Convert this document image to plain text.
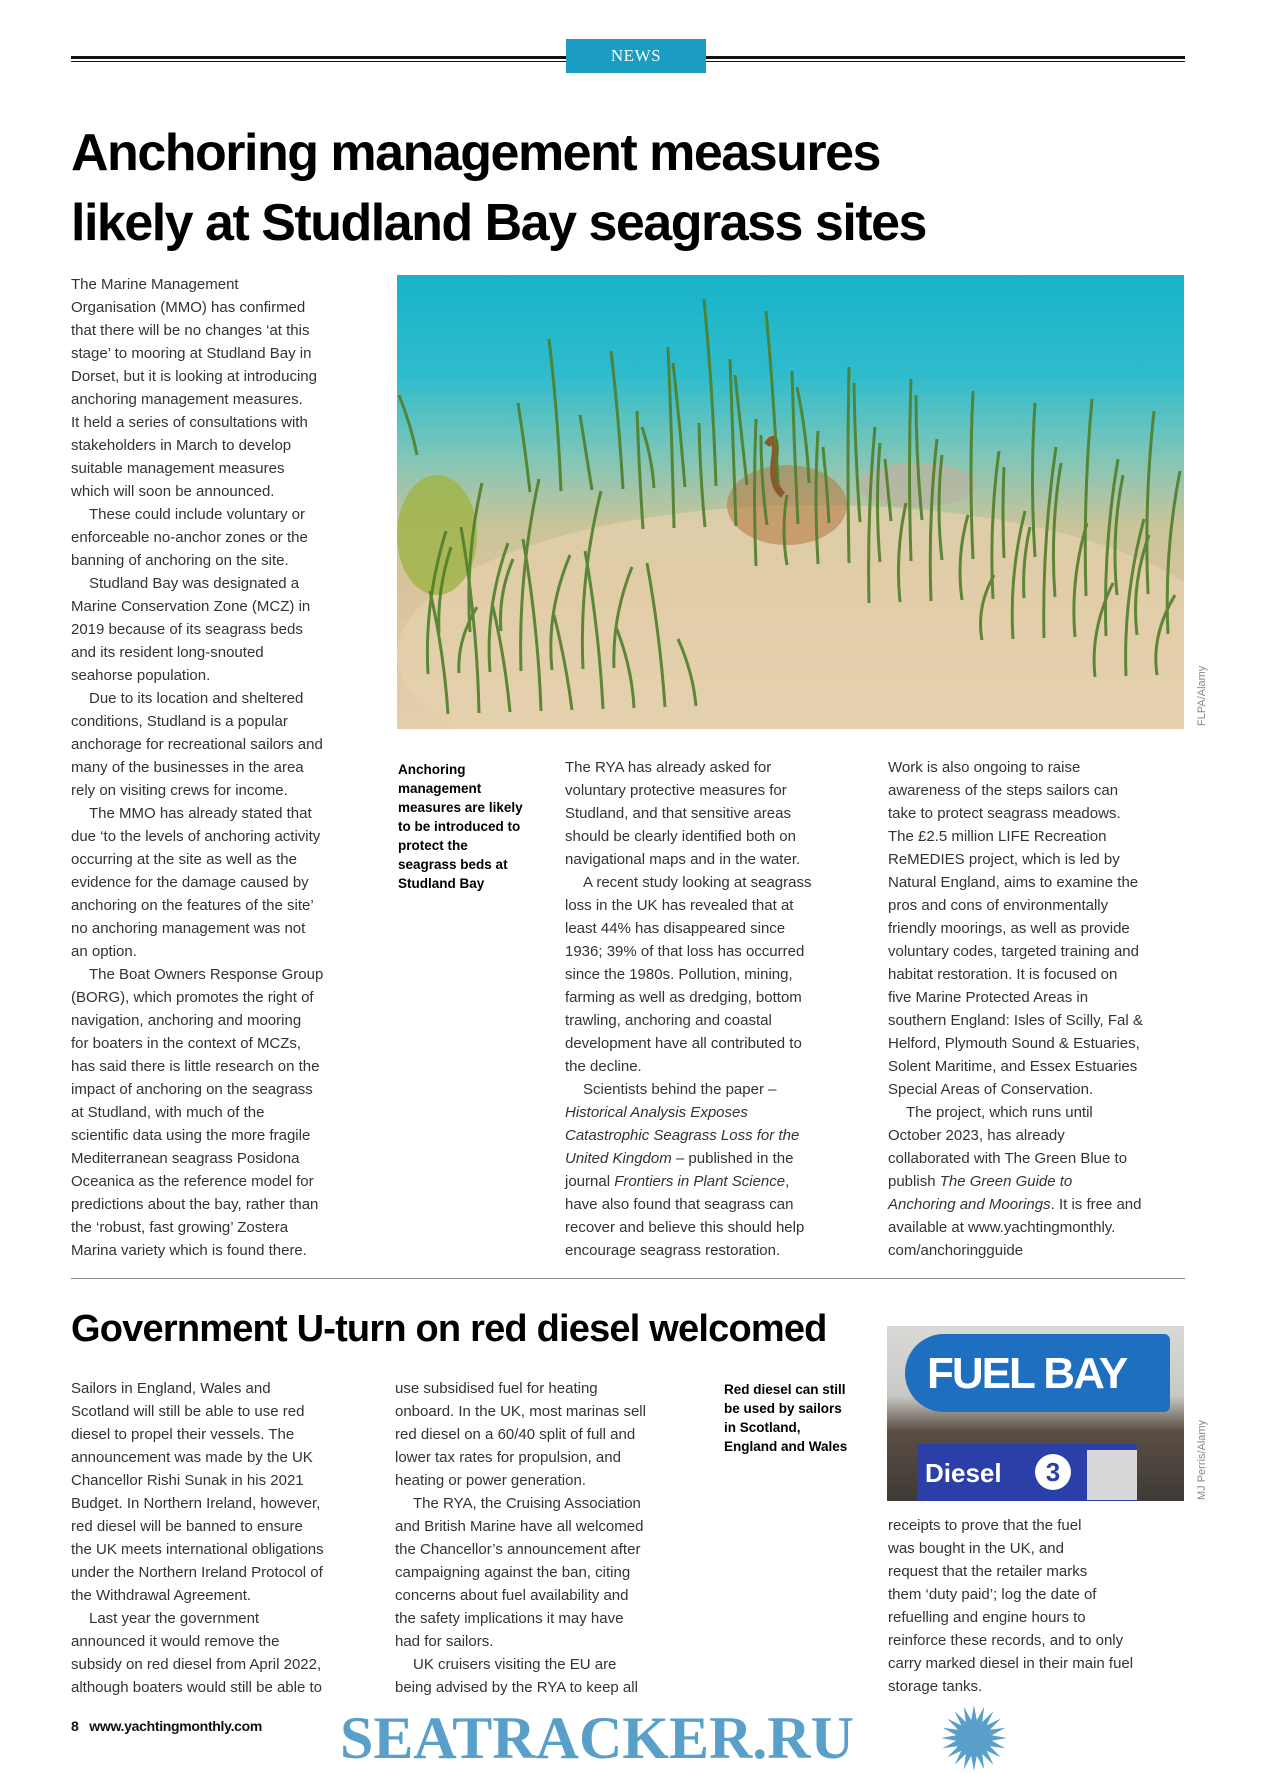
NEWS
Anchoring management measures
likely at Studland Bay seagrass sites
FLPA/Alamy
Anchoring
management
measures are likely
to be introduced to
protect the
seagrass beds at
Studland Bay
The Marine Management
Organisation (MMO) has confirmed
that there will be no changes ‘at this
stage’ to mooring at Studland Bay in
Dorset, but it is looking at introducing
anchoring management measures.
It held a series of consultations with
stakeholders in March to develop
suitable management measures
which will soon be announced.
These could include voluntary or
enforceable no-anchor zones or the
banning of anchoring on the site.
Studland Bay was designated a
Marine Conservation Zone (MCZ) in
2019 because of its seagrass beds
and its resident long-snouted
seahorse population.
Due to its location and sheltered
conditions, Studland is a popular
anchorage for recreational sailors and
many of the businesses in the area
rely on visiting crews for income.
The MMO has already stated that
due ‘to the levels of anchoring activity
occurring at the site as well as the
evidence for the damage caused by
anchoring on the features of the site’
no anchoring management was not
an option.
The Boat Owners Response Group
(BORG), which promotes the right of
navigation, anchoring and mooring
for boaters in the context of MCZs,
has said there is little research on the
impact of anchoring on the seagrass
at Studland, with much of the
scientific data using the more fragile
Mediterranean seagrass Posidona
Oceanica as the reference model for
predictions about the bay, rather than
the ‘robust, fast growing’ Zostera
Marina variety which is found there.
The RYA has already asked for
voluntary protective measures for
Studland, and that sensitive areas
should be clearly identified both on
navigational maps and in the water.
A recent study looking at seagrass
loss in the UK has revealed that at
least 44% has disappeared since
1936; 39% of that loss has occurred
since the 1980s. Pollution, mining,
farming as well as dredging, bottom
trawling, anchoring and coastal
development have all contributed to
the decline.
Scientists behind the paper –
Historical Analysis Exposes
Catastrophic Seagrass Loss for the
United Kingdom – published in the
journal Frontiers in Plant Science,
have also found that seagrass can
recover and believe this should help
encourage seagrass restoration.
Work is also ongoing to raise
awareness of the steps sailors can
take to protect seagrass meadows.
The £2.5 million LIFE Recreation
ReMEDIES project, which is led by
Natural England, aims to examine the
pros and cons of environmentally
friendly moorings, as well as provide
voluntary codes, targeted training and
habitat restoration. It is focused on
five Marine Protected Areas in
southern England: Isles of Scilly, Fal &
Helford, Plymouth Sound & Estuaries,
Solent Maritime, and Essex Estuaries
Special Areas of Conservation.
The project, which runs until
October 2023, has already
collaborated with The Green Blue to
publish The Green Guide to
Anchoring and Moorings. It is free and
available at www.yachtingmonthly.
com/anchoringguide
Government U-turn on red diesel welcomed
Red diesel can still
be used by sailors
in Scotland,
England and Wales
FUEL BAY
Diesel	3	MJ Perris/Alamy
Sailors in England, Wales and
Scotland will still be able to use red
diesel to propel their vessels. The
announcement was made by the UK
Chancellor Rishi Sunak in his 2021
Budget. In Northern Ireland, however,
red diesel will be banned to ensure
the UK meets international obligations
under the Northern Ireland Protocol of
the Withdrawal Agreement.
Last year the government
announced it would remove the
subsidy on red diesel from April 2022,
although boaters would still be able to
use subsidised fuel for heating
onboard. In the UK, most marinas sell
red diesel on a 60/40 split of full and
lower tax rates for propulsion, and
heating or power generation.
The RYA, the Cruising Association
and British Marine have all welcomed
the Chancellor’s announcement after
campaigning against the ban, citing
concerns about fuel availability and
the safety implications it may have
had for sailors.
UK cruisers visiting the EU are
being advised by the RYA to keep all
receipts to prove that the fuel
was bought in the UK, and
request that the retailer marks
them ‘duty paid’; log the date of
refuelling and engine hours to
reinforce these records, and to only
carry marked diesel in their main fuel
storage tanks.
SEATRACKER.RU
8 www.yachtingmonthly.com
